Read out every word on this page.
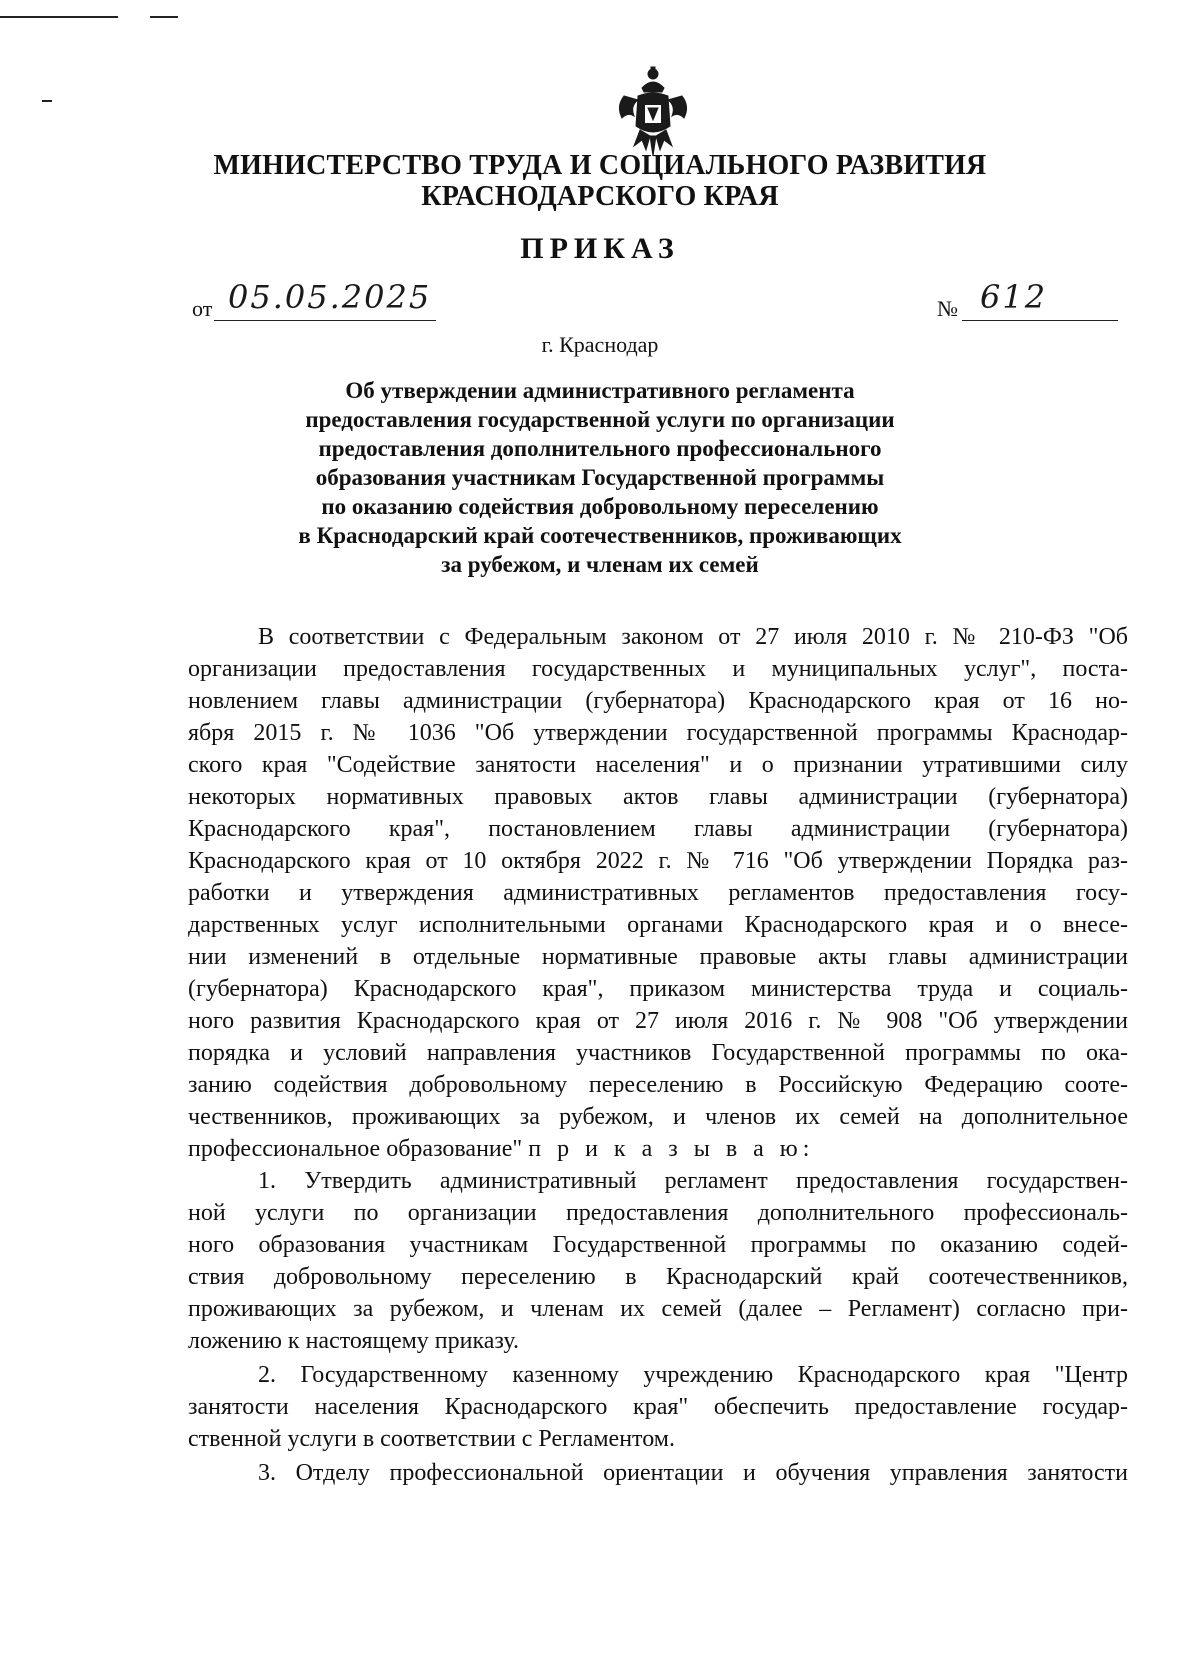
МИНИСТЕРСТВО ТРУДА И СОЦИАЛЬНОГО РАЗВИТИЯ
КРАСНОДАРСКОГО КРАЯ
ПРИКАЗ
от 05.05.2025	№ 612
г. Краснодар
Об утверждении административного регламента
предоставления государственной услуги по организации
предоставления дополнительного профессионального
образования участникам Государственной программы
по оказанию содействия добровольному переселению
в Краснодарский край соотечественников, проживающих
за рубежом, и членам их семей
В соответствии с Федеральным законом от 27 июля 2010 г. № 210-ФЗ "Об
организации предоставления государственных и муниципальных услуг", поста-
новлением главы администрации (губернатора) Краснодарского края от 16 но-
ября 2015 г. № 1036 "Об утверждении государственной программы Краснодар-
ского края "Содействие занятости населения" и о признании утратившими силу
некоторых нормативных правовых актов главы администрации (губернатора)
Краснодарского края", постановлением главы администрации (губернатора)
Краснодарского края от 10 октября 2022 г. № 716 "Об утверждении Порядка раз-
работки и утверждения административных регламентов предоставления госу-
дарственных услуг исполнительными органами Краснодарского края и о внесе-
нии изменений в отдельные нормативные правовые акты главы администрации
(губернатора) Краснодарского края", приказом министерства труда и социаль-
ного развития Краснодарского края от 27 июля 2016 г. № 908 "Об утверждении
порядка и условий направления участников Государственной программы по ока-
занию содействия добровольному переселению в Российскую Федерацию сооте-
чественников, проживающих за рубежом, и членов их семей на дополнительное
профессиональное образование" п р и к а з ы в а ю:
1. Утвердить административный регламент предоставления государствен-
ной услуги по организации предоставления дополнительного профессиональ-
ного образования участникам Государственной программы по оказанию содей-
ствия добровольному переселению в Краснодарский край соотечественников,
проживающих за рубежом, и членам их семей (далее – Регламент) согласно при-
ложению к настоящему приказу.
2. Государственному казенному учреждению Краснодарского края "Центр
занятости населения Краснодарского края" обеспечить предоставление государ-
ственной услуги в соответствии с Регламентом.
3. Отделу профессиональной ориентации и обучения управления занятости
